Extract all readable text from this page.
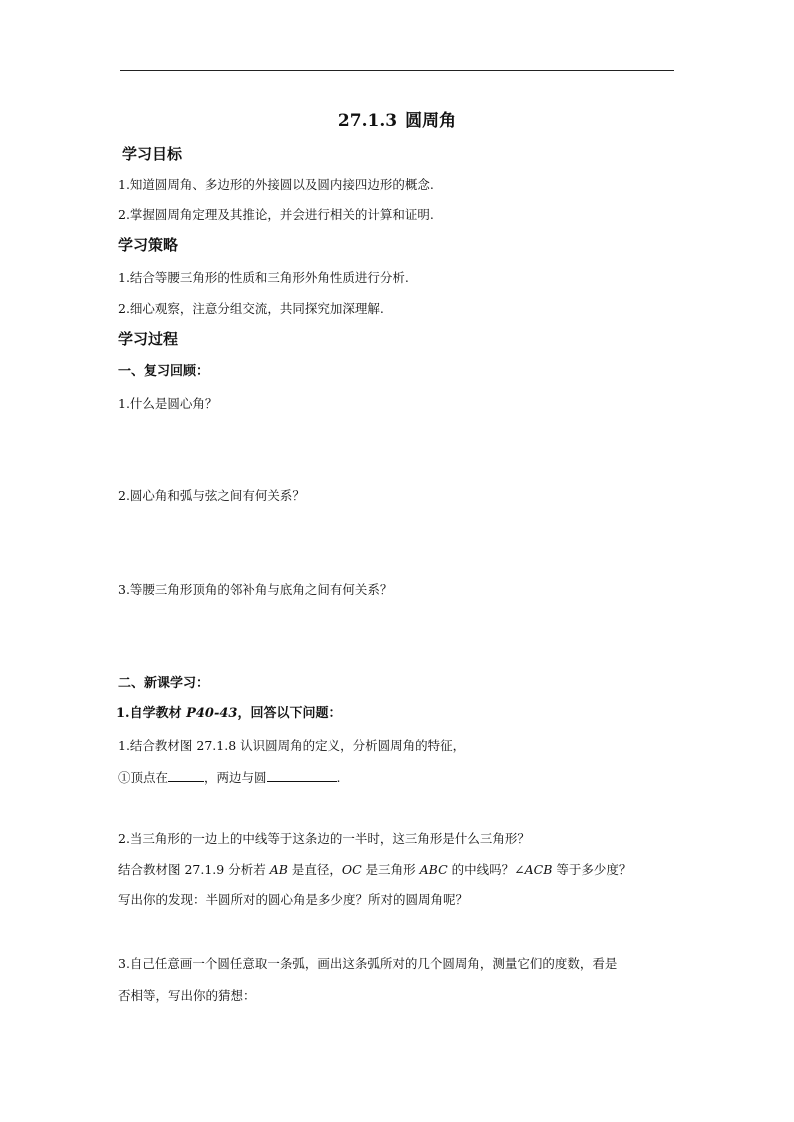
27.1.3 圆周角
学习目标
1.知道圆周角、多边形的外接圆以及圆内接四边形的概念.
2.掌握圆周角定理及其推论，并会进行相关的计算和证明.
学习策略
1.结合等腰三角形的性质和三角形外角性质进行分析.
2.细心观察，注意分组交流，共同探究加深理解.
学习过程
一、复习回顾：
1.什么是圆心角？
2.圆心角和弧与弦之间有何关系？
3.等腰三角形顶角的邻补角与底角之间有何关系？
二、新课学习：
1.自学教材 P40-43，回答以下问题：
1.结合教材图 27.1.8 认识圆周角的定义，分析圆周角的特征，
①顶点在	，两边与圆	.
2.当三角形的一边上的中线等于这条边的一半时，这三角形是什么三角形？
结合教材图 27.1.9 分析若 AB 是直径，OC 是三角形 ABC 的中线吗？∠ACB 等于多少度？
写出你的发现：半圆所对的圆心角是多少度？所对的圆周角呢？
3.自己任意画一个圆任意取一条弧，画出这条弧所对的几个圆周角，测量它们的度数，看是
否相等，写出你的猜想：
